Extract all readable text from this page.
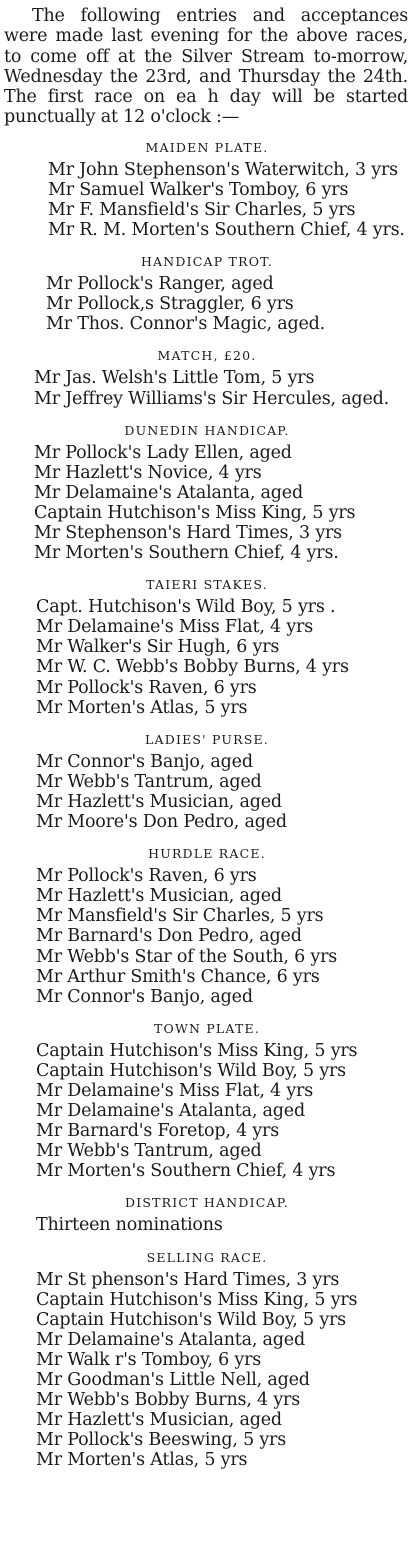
The following entries and acceptances were made last evening for the above races, to come off at the Silver Stream to-morrow, Wednesday the 23rd, and Thursday the 24th. The first race on ea h day will be started punctually at 12 o'clock :—

MAIDEN PLATE.
Mr John Stephenson's Waterwitch, 3 yrs
Mr Samuel Walker's Tomboy, 6 yrs
Mr F. Mansfield's Sir Charles, 5 yrs
Mr R. M. Morten's Southern Chief, 4 yrs.
HANDICAP TROT.
Mr Pollock's Ranger, aged
Mr Pollock,s Straggler, 6 yrs
Mr Thos. Connor's Magic, aged.
MATCH, £20.
Mr Jas. Welsh's Little Tom, 5 yrs
Mr Jeffrey Williams's Sir Hercules, aged.
DUNEDIN HANDICAP.
Mr Pollock's Lady Ellen, aged
Mr Hazlett's Novice, 4 yrs
Mr Delamaine's Atalanta, aged
Captain Hutchison's Miss King, 5 yrs
Mr Stephenson's Hard Times, 3 yrs
Mr Morten's Southern Chief, 4 yrs.
TAIERI STAKES.
Capt. Hutchison's Wild Boy, 5 yrs .
Mr Delamaine's Miss Flat, 4 yrs
Mr Walker's Sir Hugh, 6 yrs
Mr W. C. Webb's Bobby Burns, 4 yrs
Mr Pollock's Raven, 6 yrs
Mr Morten's Atlas, 5 yrs
LADIES' PURSE.
Mr Connor's Banjo, aged
Mr Webb's Tantrum, aged
Mr Hazlett's Musician, aged
Mr Moore's Don Pedro, aged
HURDLE RACE.
Mr Pollock's Raven, 6 yrs
Mr Hazlett's Musician, aged
Mr Mansfield's Sir Charles, 5 yrs
Mr Barnard's Don Pedro, aged
Mr Webb's Star of the South, 6 yrs
Mr Arthur Smith's Chance, 6 yrs
Mr Connor's Banjo, aged
TOWN PLATE.
Captain Hutchison's Miss King, 5 yrs
Captain Hutchison's Wild Boy, 5 yrs
Mr Delamaine's Miss Flat, 4 yrs
Mr Delamaine's Atalanta, aged
Mr Barnard's Foretop, 4 yrs
Mr Webb's Tantrum, aged
Mr Morten's Southern Chief, 4 yrs
DISTRICT HANDICAP.
Thirteen nominations
SELLING RACE.
Mr St phenson's Hard Times, 3 yrs
Captain Hutchison's Miss King, 5 yrs
Captain Hutchison's Wild Boy, 5 yrs
Mr Delamaine's Atalanta, aged
Mr Walk r's Tomboy, 6 yrs
Mr Goodman's Little Nell, aged
Mr Webb's Bobby Burns, 4 yrs
Mr Hazlett's Musician, aged
Mr Pollock's Beeswing, 5 yrs
Mr Morten's Atlas, 5 yrs
